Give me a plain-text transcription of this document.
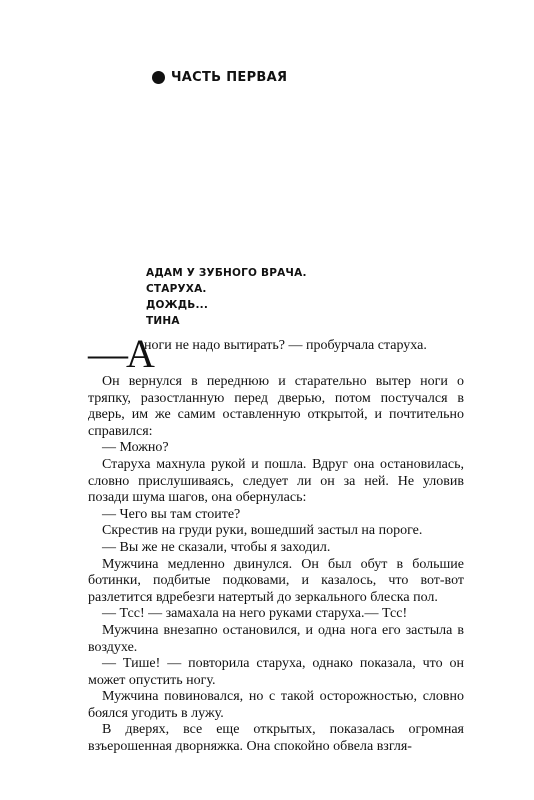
ЧАСТЬ ПЕРВАЯ
АДАМ У ЗУБНОГО ВРАЧА.
СТАРУХА.
ДОЖДЬ...
ТИНА
—А
ноги не надо вытирать? — пробурчала старуха.

Он вернулся в переднюю и старательно вытер ноги о тряпку, разостланную перед дверью, потом постучался в дверь, им же самим оставленную открытой, и почтительно справился:

— Можно?

Старуха махнула рукой и пошла. Вдруг она остановилась, словно прислушиваясь, следует ли он за ней. Не уловив позади шума шагов, она обернулась:

— Чего вы там стоите?

Скрестив на груди руки, вошедший застыл на пороге.

— Вы же не сказали, чтобы я заходил.

Мужчина медленно двинулся. Он был обут в большие ботинки, подбитые подковами, и казалось, что вот-вот разлетится вдребезги натертый до зеркального блеска пол.

— Тсс! — замахала на него руками старуха.— Тсс!

Мужчина внезапно остановился, и одна нога его застыла в воздухе.

— Тише! — повторила старуха, однако показала, что он может опустить ногу.

Мужчина повиновался, но с такой осторожностью, словно боялся угодить в лужу.

В дверях, все еще открытых, показалась огромная взъерошенная дворняжка. Она спокойно обвела взгля-
